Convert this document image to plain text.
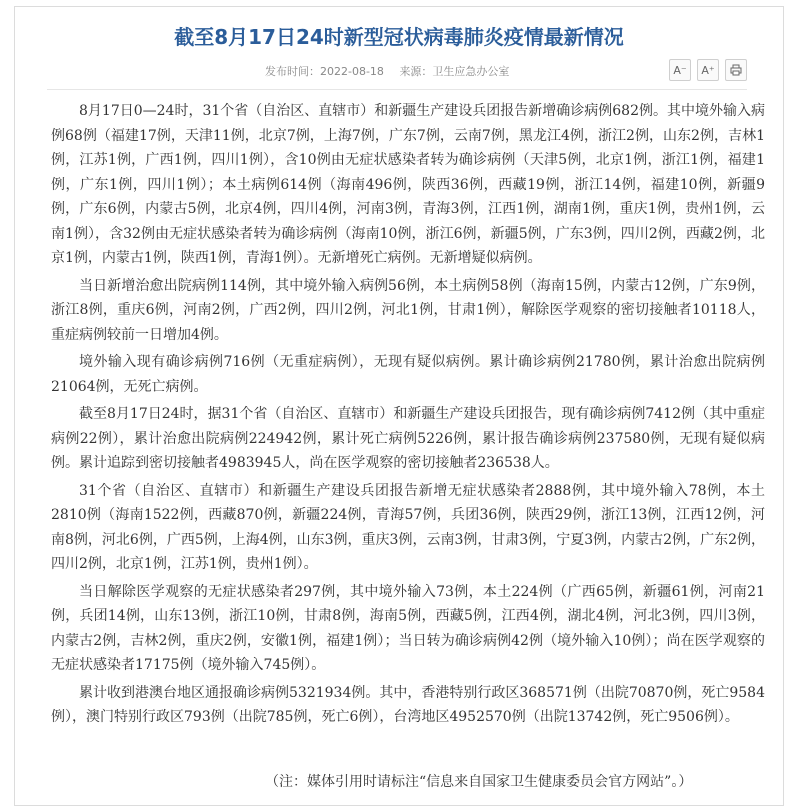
截至8月17日24时新型冠状病毒肺炎疫情最新情况
发布时间：2022-08-18 来源：卫生应急办公室	A⁻	A⁺

8月17日0—24时，31个省（自治区、直辖市）和新疆生产建设兵团报告新增确诊病例682例。其中境外输入病例68例（福建17例，天津11例，北京7例，上海7例，广东7例，云南7例，黑龙江4例，浙江2例，山东2例，吉林1例，江苏1例，广西1例，四川1例），含10例由无症状感染者转为确诊病例（天津5例，北京1例，浙江1例，福建1例，广东1例，四川1例）；本土病例614例（海南496例，陕西36例，西藏19例，浙江14例，福建10例，新疆9例，广东6例，内蒙古5例，北京4例，四川4例，河南3例，青海3例，江西1例，湖南1例，重庆1例，贵州1例，云南1例），含32例由无症状感染者转为确诊病例（海南10例，浙江6例，新疆5例，广东3例，四川2例，西藏2例，北京1例，内蒙古1例，陕西1例，青海1例）。无新增死亡病例。无新增疑似病例。

当日新增治愈出院病例114例，其中境外输入病例56例，本土病例58例（海南15例，内蒙古12例，广东9例，浙江8例，重庆6例，河南2例，广西2例，四川2例，河北1例，甘肃1例），解除医学观察的密切接触者10118人，重症病例较前一日增加4例。

境外输入现有确诊病例716例（无重症病例），无现有疑似病例。累计确诊病例21780例，累计治愈出院病例21064例，无死亡病例。

截至8月17日24时，据31个省（自治区、直辖市）和新疆生产建设兵团报告，现有确诊病例7412例（其中重症病例22例），累计治愈出院病例224942例，累计死亡病例5226例，累计报告确诊病例237580例，无现有疑似病例。累计追踪到密切接触者4983945人，尚在医学观察的密切接触者236538人。

31个省（自治区、直辖市）和新疆生产建设兵团报告新增无症状感染者2888例，其中境外输入78例，本土2810例（海南1522例，西藏870例，新疆224例，青海57例，兵团36例，陕西29例，浙江13例，江西12例，河南8例，河北6例，广西5例，上海4例，山东3例，重庆3例，云南3例，甘肃3例，宁夏3例，内蒙古2例，广东2例，四川2例，北京1例，江苏1例，贵州1例）。

当日解除医学观察的无症状感染者297例，其中境外输入73例，本土224例（广西65例，新疆61例，河南21例，兵团14例，山东13例，浙江10例，甘肃8例，海南5例，西藏5例，江西4例，湖北4例，河北3例，四川3例，内蒙古2例，吉林2例，重庆2例，安徽1例，福建1例）；当日转为确诊病例42例（境外输入10例）；尚在医学观察的无症状感染者17175例（境外输入745例）。

累计收到港澳台地区通报确诊病例5321934例。其中，香港特别行政区368571例（出院70870例，死亡9584例），澳门特别行政区793例（出院785例，死亡6例），台湾地区4952570例（出院13742例，死亡9506例）。

（注：媒体引用时请标注“信息来自国家卫生健康委员会官方网站”。）
